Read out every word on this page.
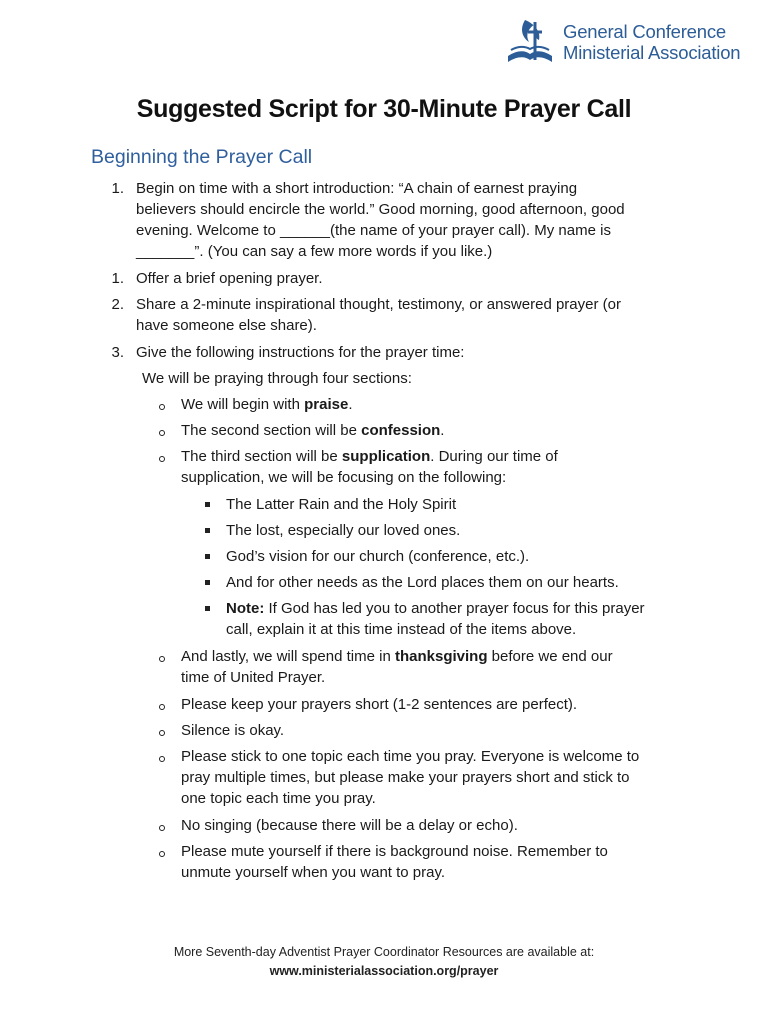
General Conference
Ministerial Association
Suggested Script for 30-Minute Prayer Call
Beginning the Prayer Call
1. Begin on time with a short introduction: “A chain of earnest praying
believers should encircle the world.” Good morning, good afternoon, good
evening. Welcome to ______(the name of your prayer call). My name is
_______”. (You can say a few more words if you like.)
1. Offer a brief opening prayer.
2. Share a 2-minute inspirational thought, testimony, or answered prayer (or
have someone else share).
3. Give the following instructions for the prayer time:
We will be praying through four sections:
We will begin with praise.
The second section will be confession.
The third section will be supplication. During our time of
supplication, we will be focusing on the following:
The Latter Rain and the Holy Spirit
The lost, especially our loved ones.
God’s vision for our church (conference, etc.).
And for other needs as the Lord places them on our hearts.
Note: If God has led you to another prayer focus for this prayer
call, explain it at this time instead of the items above.
And lastly, we will spend time in thanksgiving before we end our
time of United Prayer.
Please keep your prayers short (1-2 sentences are perfect).
Silence is okay.
Please stick to one topic each time you pray. Everyone is welcome to
pray multiple times, but please make your prayers short and stick to
one topic each time you pray.
No singing (because there will be a delay or echo).
Please mute yourself if there is background noise. Remember to
unmute yourself when you want to pray.
More Seventh-day Adventist Prayer Coordinator Resources are available at:
www.ministerialassociation.org/prayer
